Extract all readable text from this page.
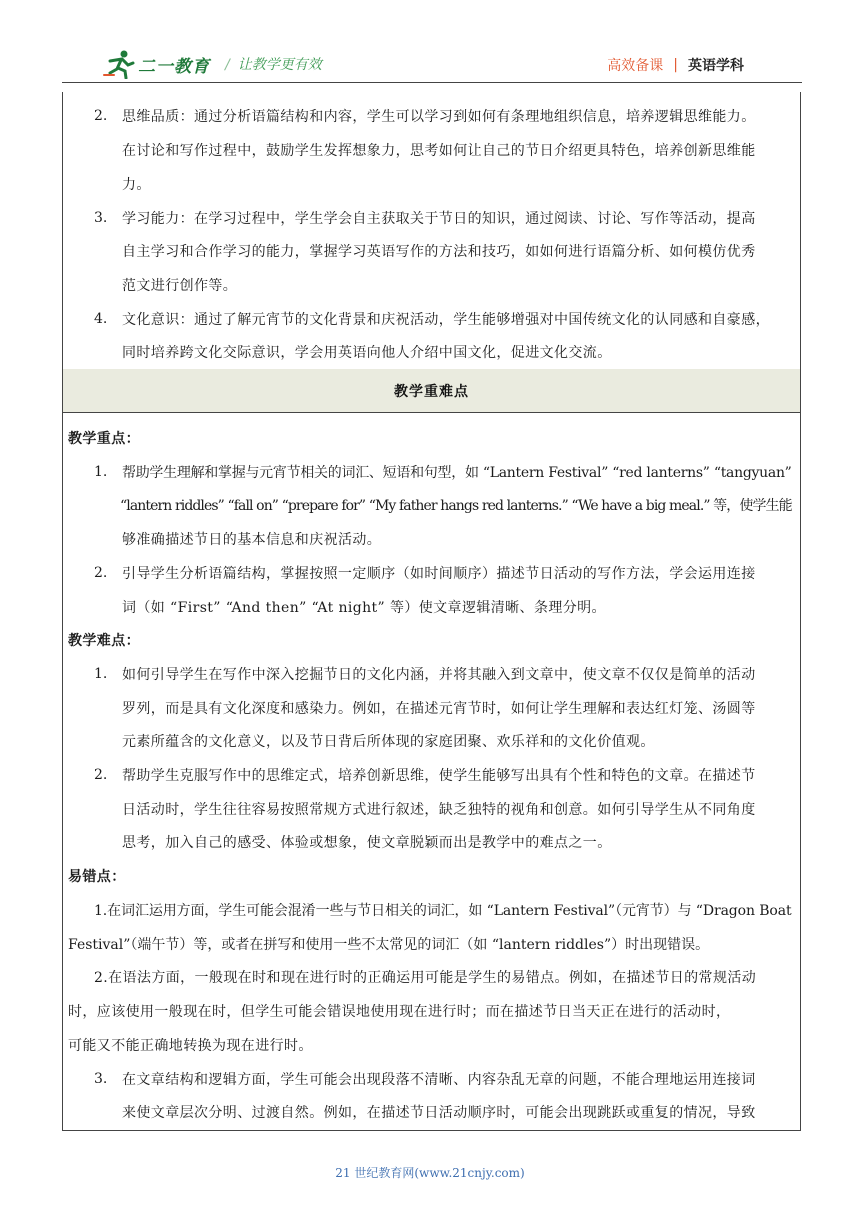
二一教育 / 让教学更有效	高效备课 | 英语学科
2. 思维品质：通过分析语篇结构和内容，学生可以学习到如何有条理地组织信息，培养逻辑思维能力。
在讨论和写作过程中，鼓励学生发挥想象力，思考如何让自己的节日介绍更具特色，培养创新思维能
力。
3. 学习能力：在学习过程中，学生学会自主获取关于节日的知识，通过阅读、讨论、写作等活动，提高
自主学习和合作学习的能力，掌握学习英语写作的方法和技巧，如如何进行语篇分析、如何模仿优秀
范文进行创作等。
4. 文化意识：通过了解元宵节的文化背景和庆祝活动，学生能够增强对中国传统文化的认同感和自豪感，
同时培养跨文化交际意识，学会用英语向他人介绍中国文化，促进文化交流。
教学重难点
教学重点：
1. 帮助学生理解和掌握与元宵节相关的词汇、短语和句型，如 “Lantern Festival” “red lanterns” “tangyuan”
“lantern riddles” “fall on” “prepare for” “My father hangs red lanterns.” “We have a big meal.” 等，使学生能
够准确描述节日的基本信息和庆祝活动。
2. 引导学生分析语篇结构，掌握按照一定顺序（如时间顺序）描述节日活动的写作方法，学会运用连接
词（如 “First” “And then” “At night” 等）使文章逻辑清晰、条理分明。
教学难点：
1. 如何引导学生在写作中深入挖掘节日的文化内涵，并将其融入到文章中，使文章不仅仅是简单的活动
罗列，而是具有文化深度和感染力。例如，在描述元宵节时，如何让学生理解和表达红灯笼、汤圆等
元素所蕴含的文化意义，以及节日背后所体现的家庭团聚、欢乐祥和的文化价值观。
2. 帮助学生克服写作中的思维定式，培养创新思维，使学生能够写出具有个性和特色的文章。在描述节
日活动时，学生往往容易按照常规方式进行叙述，缺乏独特的视角和创意。如何引导学生从不同角度
思考，加入自己的感受、体验或想象，使文章脱颖而出是教学中的难点之一。
易错点：
1.在词汇运用方面，学生可能会混淆一些与节日相关的词汇，如 “Lantern Festival”（元宵节）与 “Dragon Boat
Festival”（端午节）等，或者在拼写和使用一些不太常见的词汇（如 “lantern riddles”）时出现错误。
2.在语法方面，一般现在时和现在进行时的正确运用可能是学生的易错点。例如，在描述节日的常规活动
时，应该使用一般现在时，但学生可能会错误地使用现在进行时；而在描述节日当天正在进行的活动时，
可能又不能正确地转换为现在进行时。
3. 在文章结构和逻辑方面，学生可能会出现段落不清晰、内容杂乱无章的问题，不能合理地运用连接词
来使文章层次分明、过渡自然。例如，在描述节日活动顺序时，可能会出现跳跃或重复的情况，导致
21 世纪教育网(www.21cnjy.com)
